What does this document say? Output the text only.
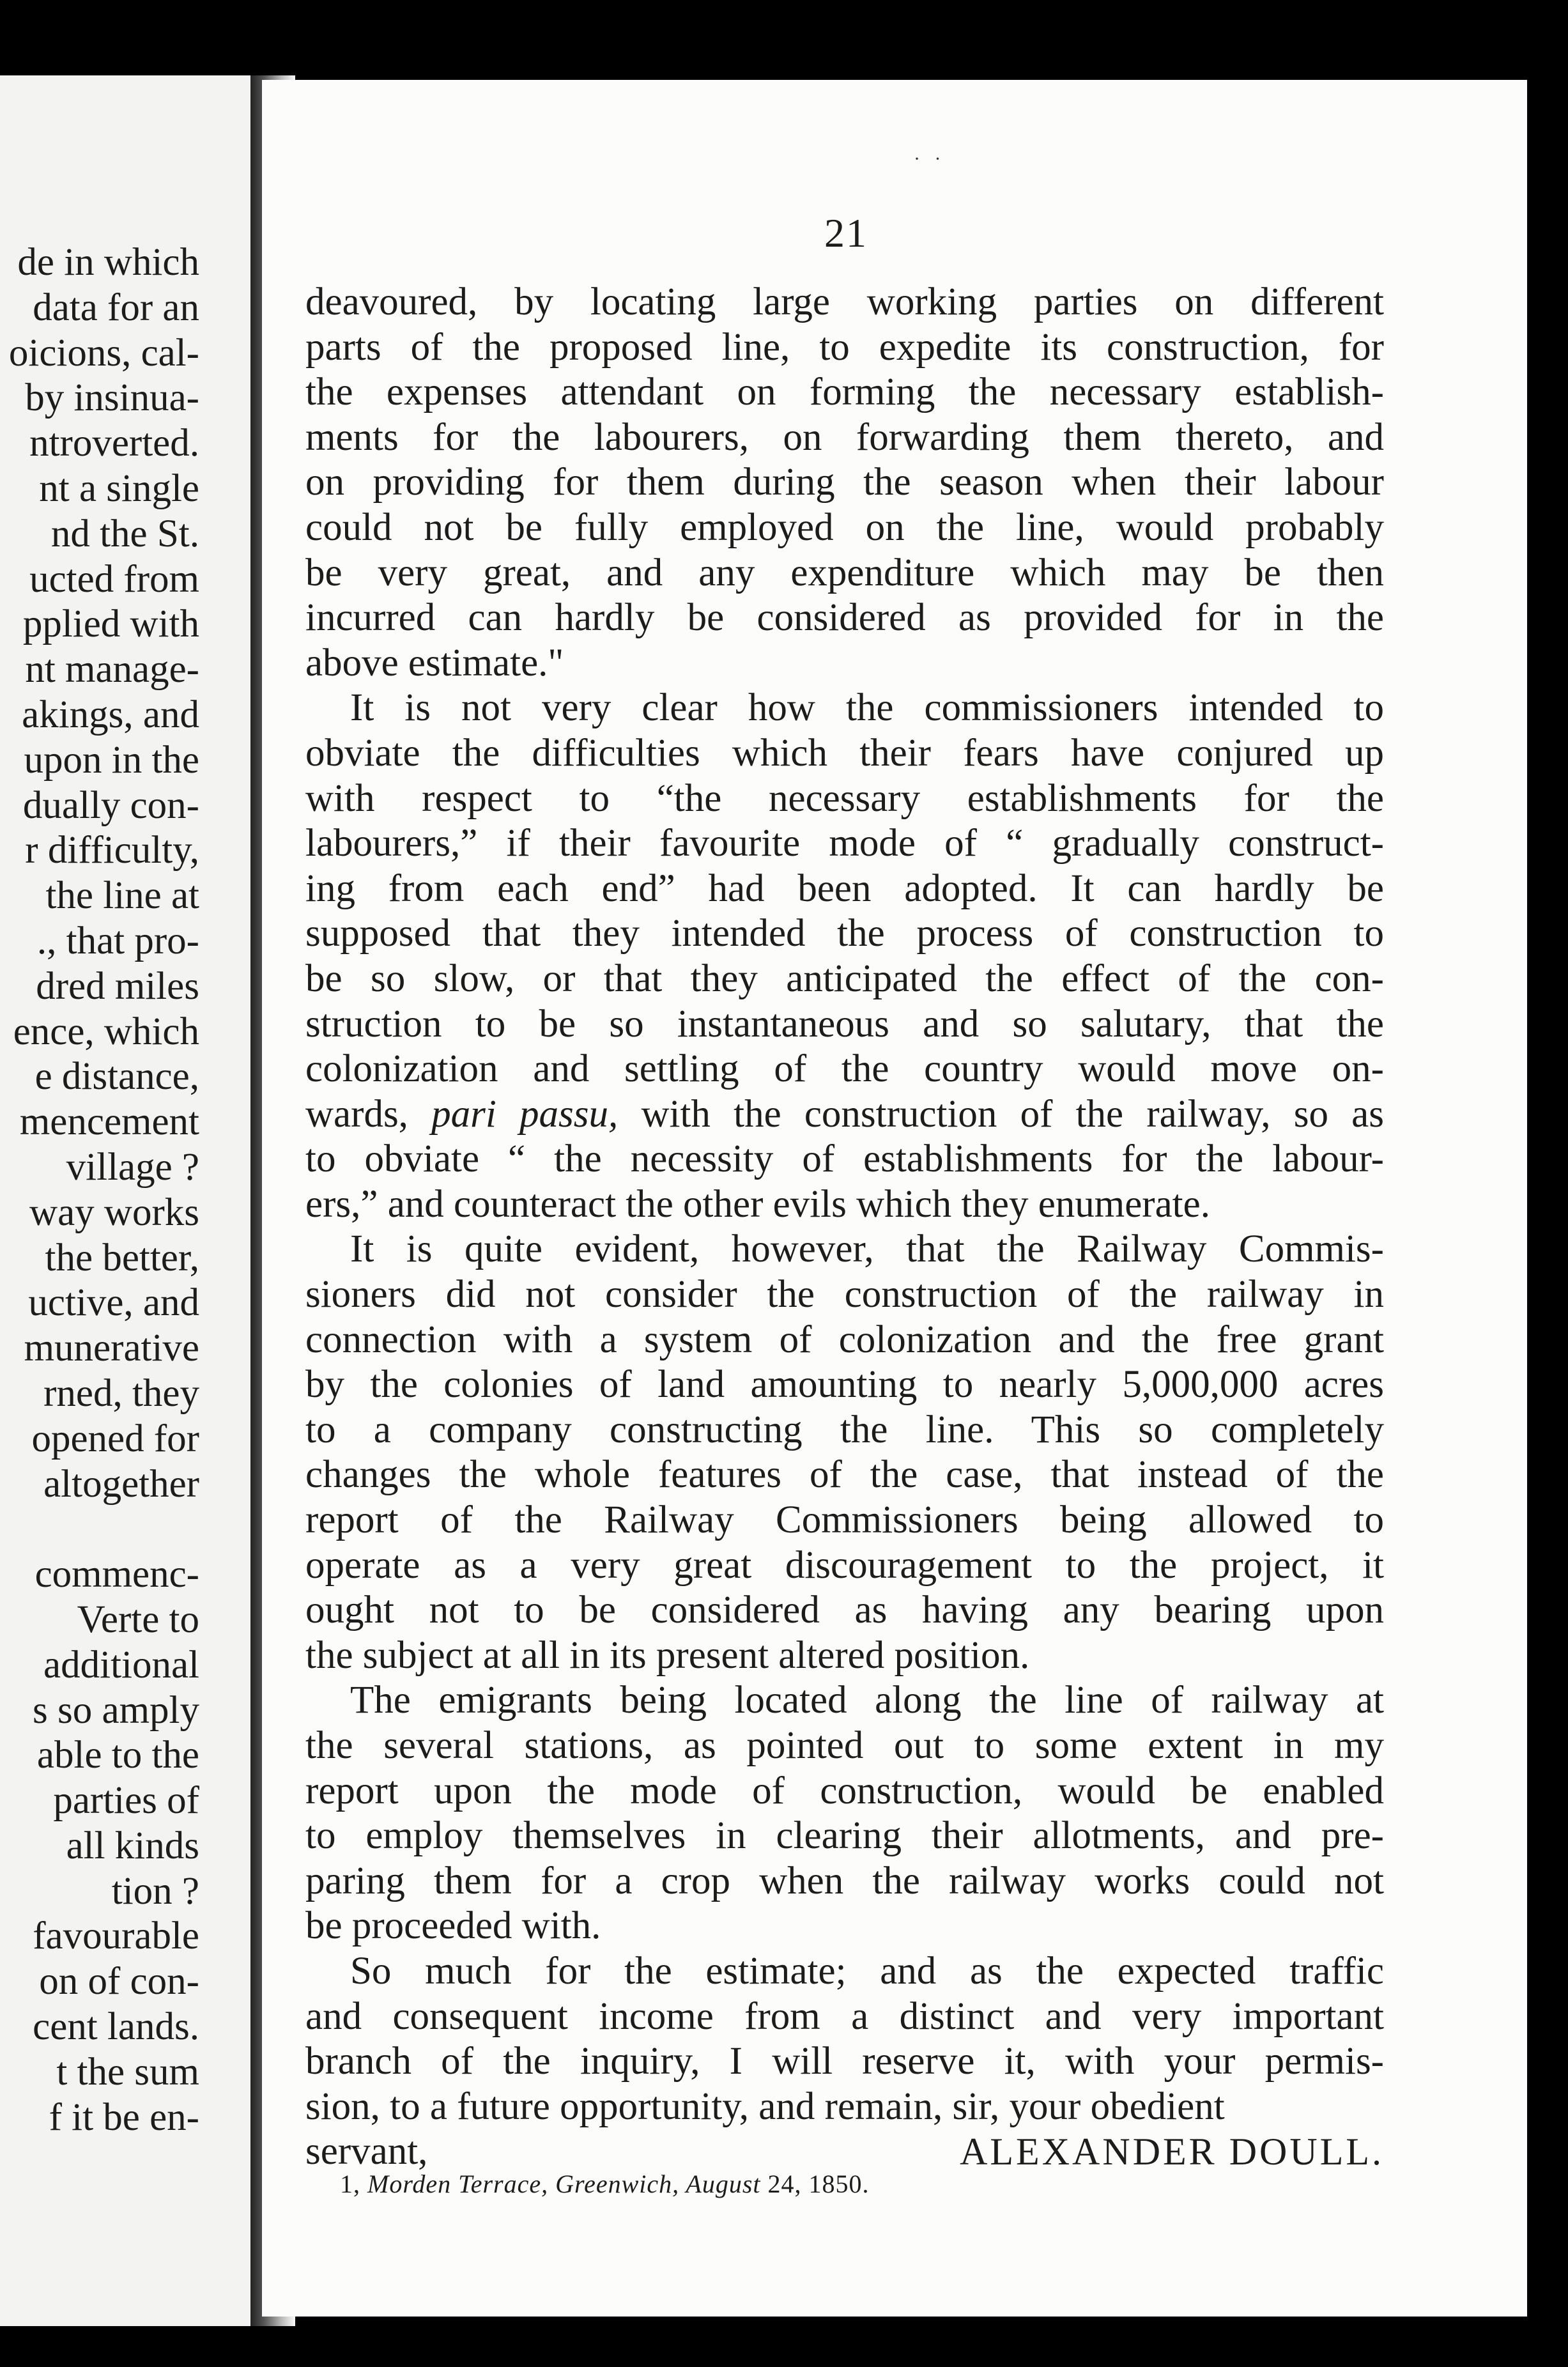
de in which
data for an
oicions, cal-
by insinua-
ntroverted.
nt a single
nd the St.
ucted from
pplied with
nt manage-
akings, and
upon in the
dually con-
r difficulty,
the line at
., that pro-
dred miles
ence, which
e distance,
mencement
village ?
way works
the better,
uctive, and
munerative
rned, they
opened for
altogether
commenc-
Verte to
additional
s so amply
able to the
parties of
all kinds
tion ?
favourable
on of con-
cent lands.
t the sum
f it be en-
·   ·
21
deavoured, by locating large working parties on different
parts of the proposed line, to expedite its construction, for
the expenses attendant on forming the necessary establish-
ments for the labourers, on forwarding them thereto, and
on providing for them during the season when their labour
could not be fully employed on the line, would probably
be very great, and any expenditure which may be then
incurred can hardly be considered as provided for in the
above estimate."
It is not very clear how the commissioners intended to
obviate the difficulties which their fears have conjured up
with respect to “the necessary establishments for the
labourers,” if their favourite mode of “ gradually construct-
ing from each end” had been adopted. It can hardly be
supposed that they intended the process of construction to
be so slow, or that they anticipated the effect of the con-
struction to be so instantaneous and so salutary, that the
colonization and settling of the country would move on-
wards, pari passu, with the construction of the railway, so as
to obviate “ the necessity of establishments for the labour-
ers,” and counteract the other evils which they enumerate.
It is quite evident, however, that the Railway Commis-
sioners did not consider the construction of the railway in
connection with a system of colonization and the free grant
by the colonies of land amounting to nearly 5,000,000 acres
to a company constructing the line. This so completely
changes the whole features of the case, that instead of the
report of the Railway Commissioners being allowed to
operate as a very great discouragement to the project, it
ought not to be considered as having any bearing upon
the subject at all in its present altered position.
The emigrants being located along the line of railway at
the several stations, as pointed out to some extent in my
report upon the mode of construction, would be enabled
to employ themselves in clearing their allotments, and pre-
paring them for a crop when the railway works could not
be proceeded with.
So much for the estimate; and as the expected traffic
and consequent income from a distinct and very important
branch of the inquiry, I will reserve it, with your permis-
sion, to a future opportunity, and remain, sir, your obedient
servant,	ALEXANDER DOULL.
1, Morden Terrace, Greenwich, August 24, 1850.
